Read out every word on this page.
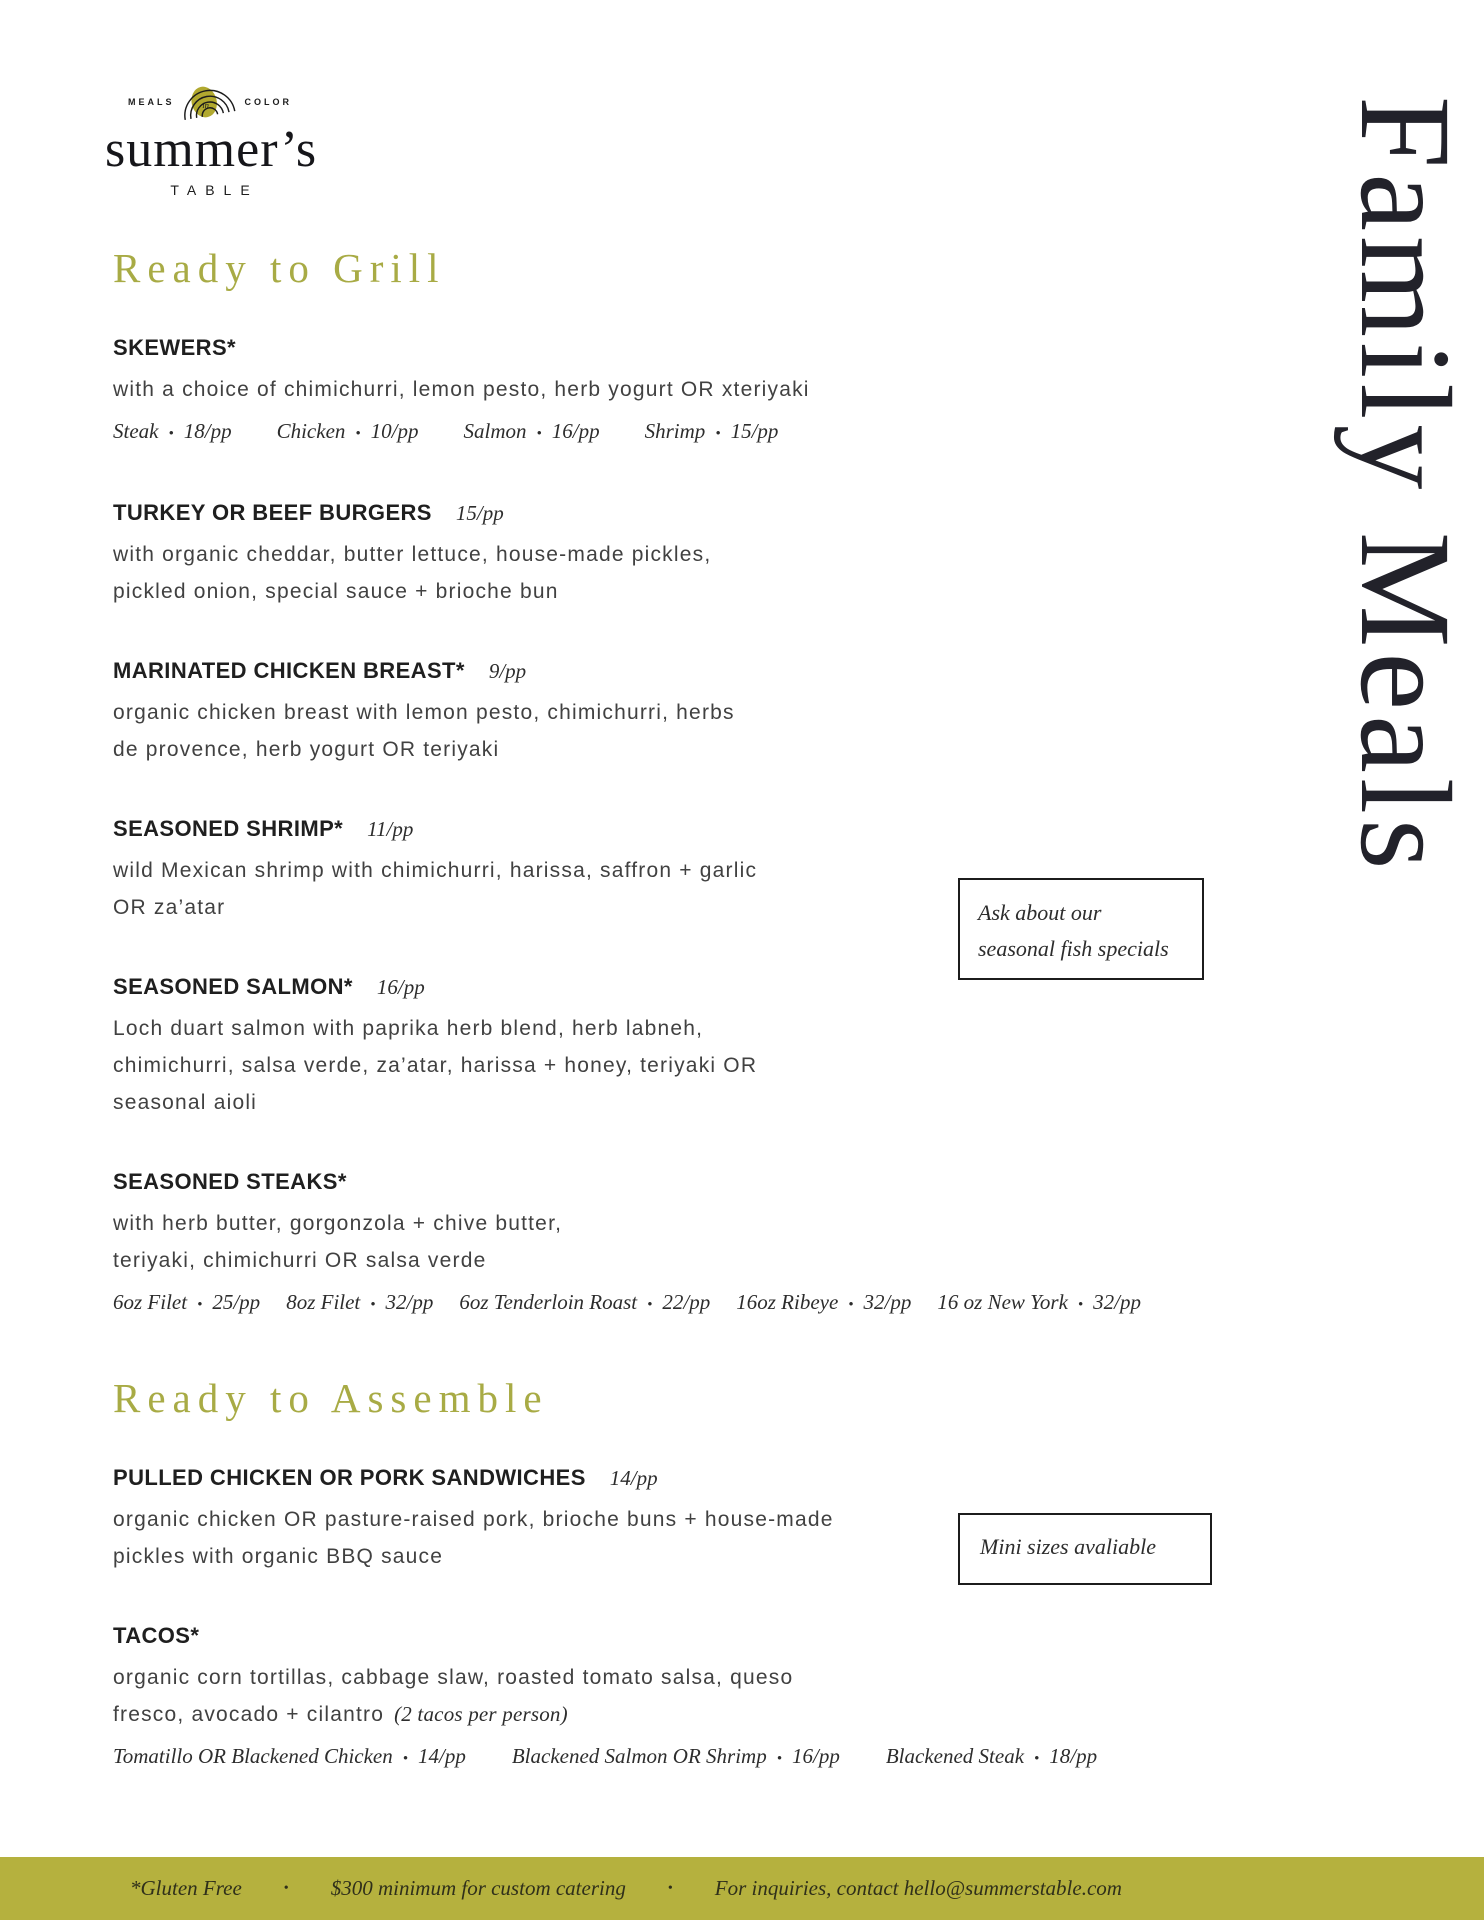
MEALS	in	COLOR
summer’s
TABLE	Family Meals
Ready to Grill
SKEWERS*
with a choice of chimichurri, lemon pesto, herb yogurt OR xteriyaki
Steak • 18/pp Chicken • 10/pp Salmon • 16/pp Shrimp • 15/pp
TURKEY OR BEEF BURGERS 15/pp
with organic cheddar, butter lettuce, house-made pickles,
pickled onion, special sauce + brioche bun
MARINATED CHICKEN BREAST* 9/pp
organic chicken breast with lemon pesto, chimichurri, herbs
de provence, herb yogurt OR teriyaki
SEASONED SHRIMP* 11/pp
wild Mexican shrimp with chimichurri, harissa, saffron + garlic
OR za’atar
SEASONED SALMON* 16/pp
Loch duart salmon with paprika herb blend, herb labneh,
chimichurri, salsa verde, za’atar, harissa + honey, teriyaki OR
seasonal aioli
SEASONED STEAKS*
with herb butter, gorgonzola + chive butter,
teriyaki, chimichurri OR salsa verde
6oz Filet • 25/pp 8oz Filet • 32/pp 6oz Tenderloin Roast • 22/pp 16oz Ribeye • 32/pp 16 oz New York • 32/pp
Ready to Assemble
PULLED CHICKEN OR PORK SANDWICHES 14/pp
organic chicken OR pasture-raised pork, brioche buns + house-made
pickles with organic BBQ sauce
TACOS*
organic corn tortillas, cabbage slaw, roasted tomato salsa, queso
fresco, avocado + cilantro (2 tacos per person)
Tomatillo OR Blackened Chicken • 14/pp Blackened Salmon OR Shrimp • 16/pp Blackened Steak • 18/pp
Ask about our
seasonal fish specials
Mini sizes avaliable
*Gluten Free	• $300 minimum for custom catering	• For inquiries, contact hello@summerstable.com
